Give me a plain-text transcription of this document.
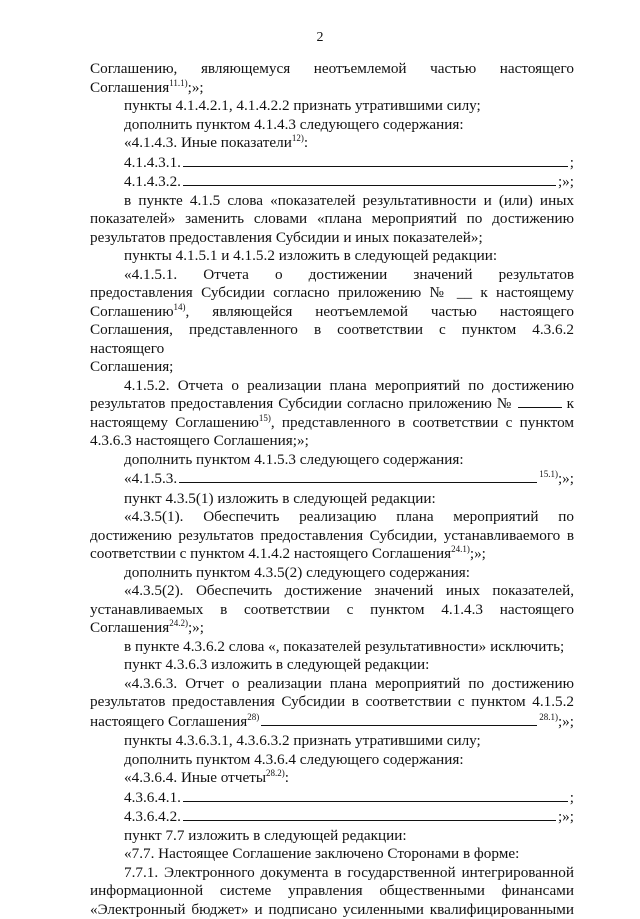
2

Соглашению, являющемуся неотъемлемой частью настоящего

Соглашения$^{11.1)}$;»;

пункты 4.1.4.2.1, 4.1.4.2.2 признать утратившими силу;

дополнить пунктом 4.1.4.3 следующего содержания:

«4.1.4.3. Иные показатели$^{12)}$:

4.1.4.3.1.	;
4.1.4.3.2.	;»;

в пункте 4.1.5 слова «показателей результативности и (или) иных

показателей» заменить словами «плана мероприятий по достижению

результатов предоставления Субсидии и иных показателей»;

пункты 4.1.5.1 и 4.1.5.2 изложить в следующей редакции:

«4.1.5.1. Отчета о достижении значений результатов

предоставления Субсидии согласно приложению № __ к настоящему

Соглашению$^{14)}$, являющейся неотъемлемой частью настоящего

Соглашения, представленного в соответствии с пунктом 4.3.6.2 настоящего

Соглашения;

4.1.5.2. Отчета о реализации плана мероприятий по достижению

результатов предоставления Субсидии согласно приложению №	к

настоящему Соглашению$^{15)}$, представленного в соответствии с пунктом

4.3.6.3 настоящего Соглашения;»;

дополнить пунктом 4.1.5.3 следующего содержания:

«4.1.5.3.	$^{15.1)}$;»;

пункт 4.3.5(1) изложить в следующей редакции:

«4.3.5(1). Обеспечить реализацию плана мероприятий по

достижению результатов предоставления Субсидии, устанавливаемого в

соответствии с пунктом 4.1.4.2 настоящего Соглашения$^{24.1)}$;»;

дополнить пунктом 4.3.5(2) следующего содержания:

«4.3.5(2). Обеспечить достижение значений иных показателей,

устанавливаемых в соответствии с пунктом 4.1.4.3 настоящего

Соглашения$^{24.2)}$;»;

в пункте 4.3.6.2 слова «, показателей результативности» исключить;

пункт 4.3.6.3 изложить в следующей редакции:

«4.3.6.3. Отчет о реализации плана мероприятий по достижению

результатов предоставления Субсидии в соответствии с пунктом 4.1.5.2

настоящего Соглашения$^{28)}$	$^{28.1)}$;»;

пункты 4.3.6.3.1, 4.3.6.3.2 признать утратившими силу;

дополнить пунктом 4.3.6.4 следующего содержания:

«4.3.6.4. Иные отчеты$^{28.2)}$:

4.3.6.4.1.	;
4.3.6.4.2.	;»;

пункт 7.7 изложить в следующей редакции:

«7.7. Настоящее Соглашение заключено Сторонами в форме:

7.7.1. Электронного документа в государственной интегрированной

информационной системе управления общественными финансами

«Электронный бюджет» и подписано усиленными квалифицированными
